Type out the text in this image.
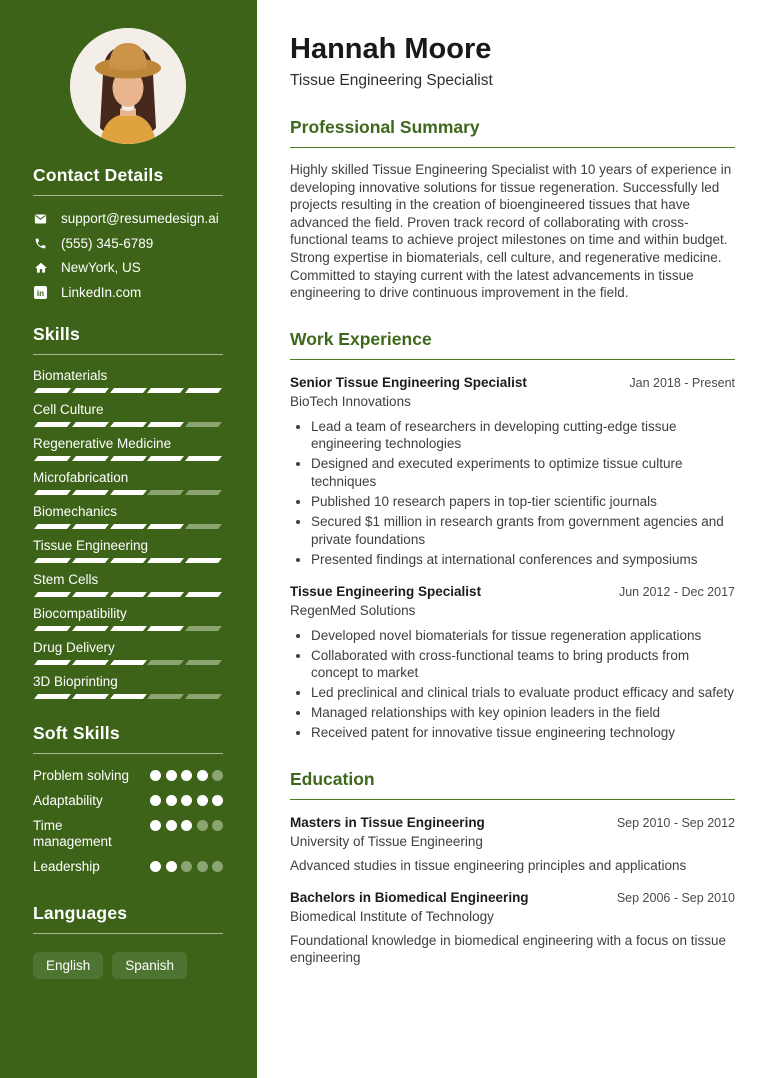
Contact Details
support@resumedesign.ai
(555) 345-6789
NewYork, US
in LinkedIn.com
Skills
Biomaterials
Cell Culture
Regenerative Medicine
Microfabrication
Biomechanics
Tissue Engineering
Stem Cells
Biocompatibility
Drug Delivery
3D Bioprinting
Soft Skills
Problem solving
Adaptability
Time management
Leadership
Languages
English	Spanish
Hannah Moore
Tissue Engineering Specialist
Professional Summary

Highly skilled Tissue Engineering Specialist with 10 years of experience in developing innovative solutions for tissue regeneration. Successfully led projects resulting in the creation of bioengineered tissues that have advanced the field. Proven track record of collaborating with cross-functional teams to achieve project milestones on time and within budget. Strong expertise in biomaterials, cell culture, and regenerative medicine. Committed to staying current with the latest advancements in tissue engineering to drive continuous improvement in the field.

Work Experience
Senior Tissue Engineering Specialist	Jan 2018 - Present
BioTech Innovations
• Lead a team of researchers in developing cutting-edge tissue engineering technologies
• Designed and executed experiments to optimize tissue culture techniques
• Published 10 research papers in top-tier scientific journals
• Secured $1 million in research grants from government agencies and private foundations
• Presented findings at international conferences and symposiums
Tissue Engineering Specialist	Jun 2012 - Dec 2017
RegenMed Solutions
• Developed novel biomaterials for tissue regeneration applications
• Collaborated with cross-functional teams to bring products from concept to market
• Led preclinical and clinical trials to evaluate product efficacy and safety
• Managed relationships with key opinion leaders in the field
• Received patent for innovative tissue engineering technology
Education
Masters in Tissue Engineering	Sep 2010 - Sep 2012
University of Tissue Engineering
Advanced studies in tissue engineering principles and applications
Bachelors in Biomedical Engineering	Sep 2006 - Sep 2010
Biomedical Institute of Technology
Foundational knowledge in biomedical engineering with a focus on tissue engineering
